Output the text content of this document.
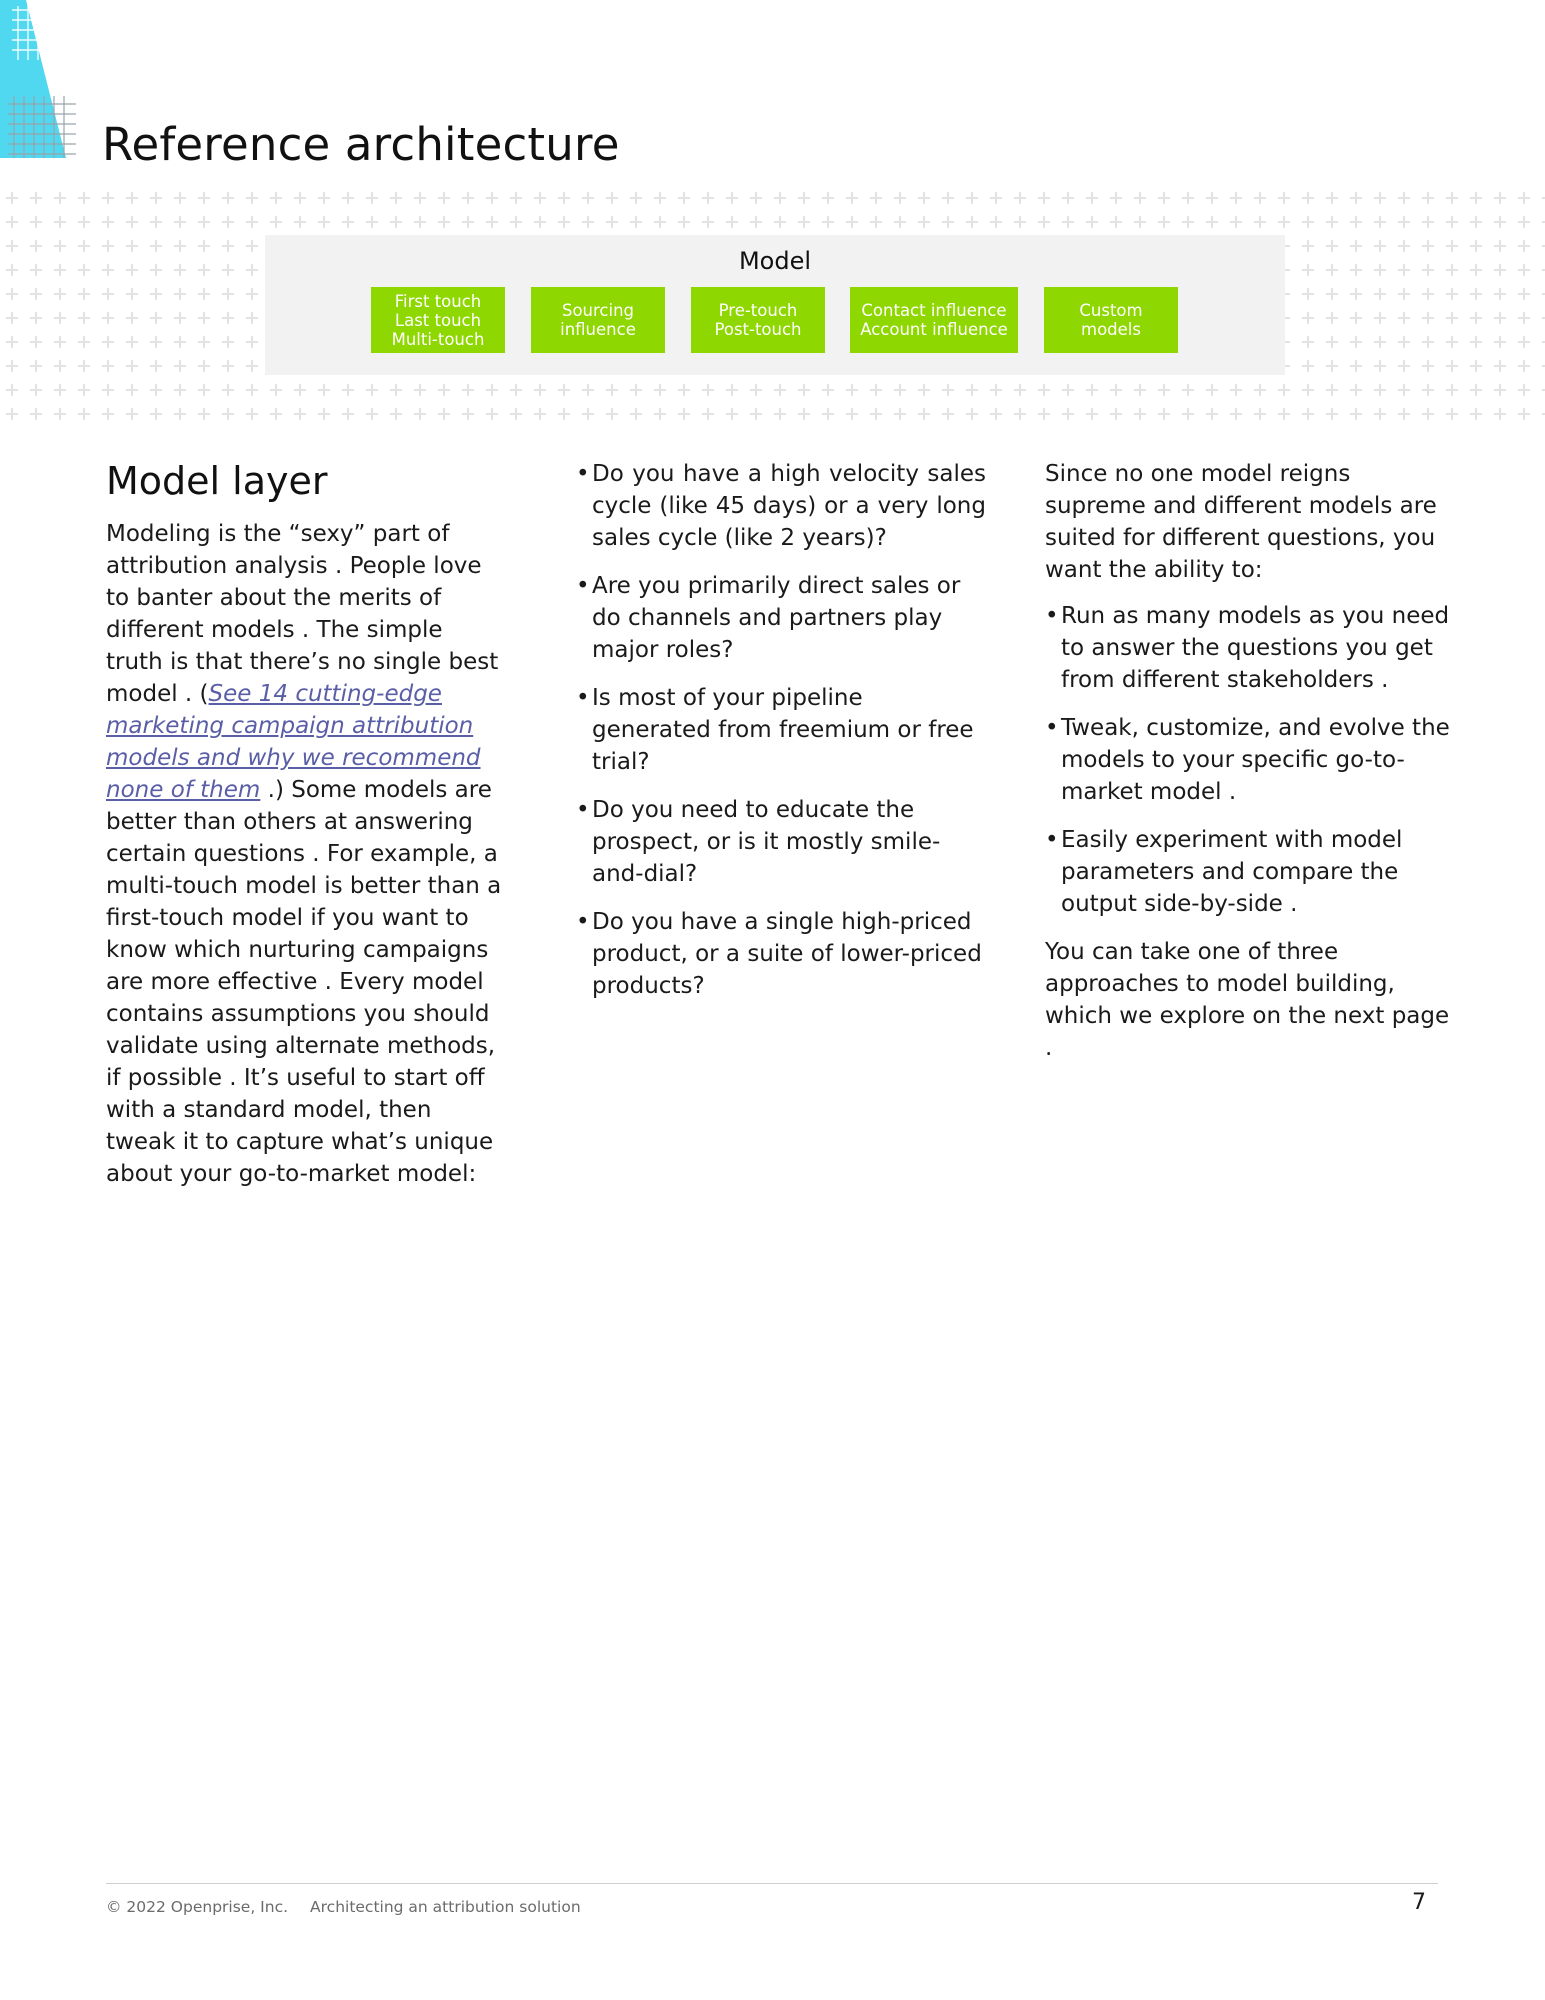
Reference architecture
Model
First touch
Last touch
Multi-touch
Sourcing
influence
Pre-touch
Post-touch
Contact influence
Account influence
Custom
models
Model layer

Modeling is the “sexy” part of attribution analysis . People love to banter about the merits of different models . The simple truth is that there’s no single best model . (See 14 cutting-edge marketing campaign attribution models and why we recommend none of them .) Some models are better than others at answering certain questions . For example, a multi-touch model is better than a first-touch model if you want to know which nurturing campaigns are more effective . Every model contains assumptions you should validate using alternate methods, if possible . It’s useful to start off with a standard model, then tweak it to capture what’s unique about your go-to-market model:

• Do you have a high velocity sales cycle (like 45 days) or a very long sales cycle (like 2 years)?
• Are you primarily direct sales or do channels and partners play major roles?
• Is most of your pipeline generated from freemium or free trial?
• Do you need to educate the prospect, or is it mostly smile-and-dial?
• Do you have a single high-priced product, or a suite of lower-priced products?

Since no one model reigns supreme and different models are suited for different questions, you want the ability to:

• Run as many models as you need to answer the questions you get from different stakeholders .
• Tweak, customize, and evolve the models to your specific go-to-market model .
• Easily experiment with model parameters and compare the output side-by-side .

You can take one of three approaches to model building, which we explore on the next page .

© 2022 Openprise, Inc. Architecting an attribution solution	7
